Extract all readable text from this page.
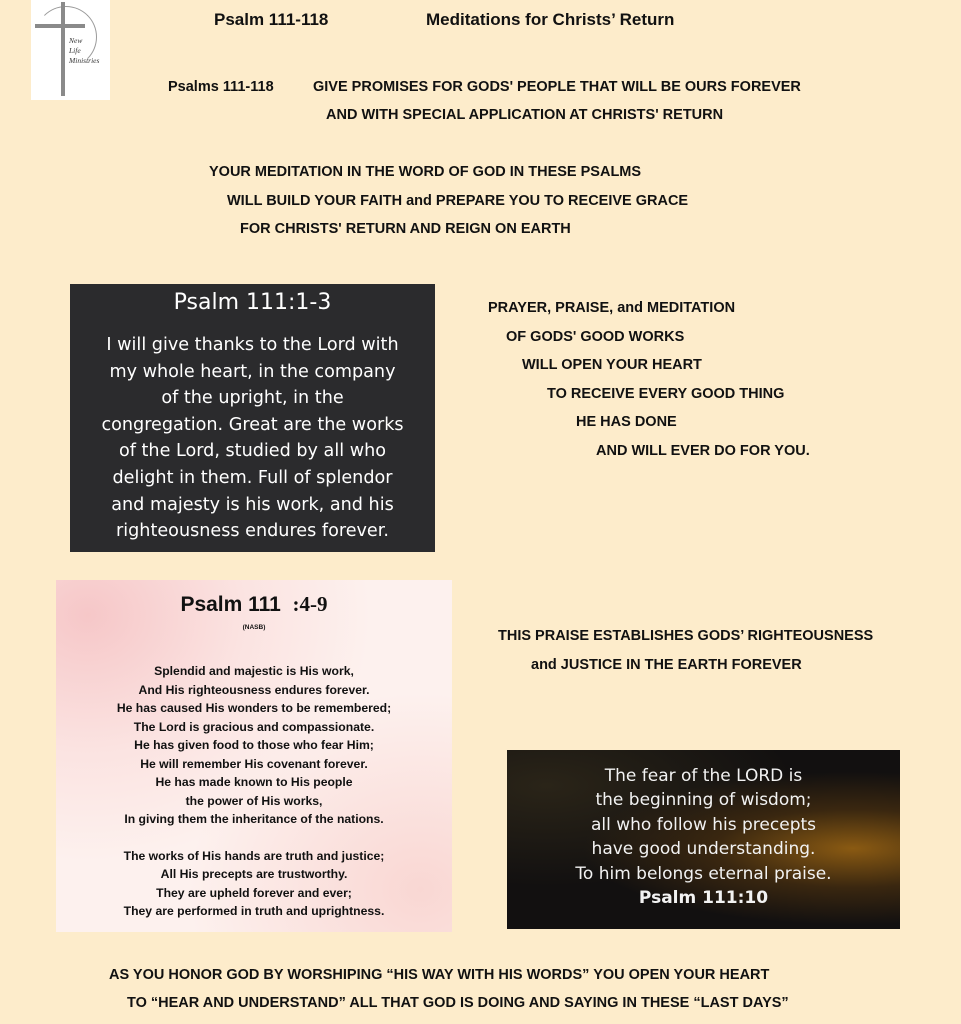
New
Life
Ministries
Psalm 111-118	Meditations for Christs’ Return
Psalms 111-118	GIVE PROMISES FOR GODS' PEOPLE THAT WILL BE OURS FOREVER
AND WITH SPECIAL APPLICATION AT CHRISTS' RETURN
YOUR MEDITATION IN THE WORD OF GOD IN THESE PSALMS
WILL BUILD YOUR FAITH and PREPARE YOU TO RECEIVE GRACE
FOR CHRISTS' RETURN AND REIGN ON EARTH
Psalm 111:1-3
I will give thanks to the Lord with
my whole heart, in the company
of the upright, in the
congregation. Great are the works
of the Lord, studied by all who
delight in them. Full of splendor
and majesty is his work, and his
righteousness endures forever.
PRAYER, PRAISE, and MEDITATION
OF GODS' GOOD WORKS
WILL OPEN YOUR HEART
TO RECEIVE EVERY GOOD THING
HE HAS DONE
AND WILL EVER DO FOR YOU.
Psalm 111 :4-9
(NASB)
Splendid and majestic is His work,
And His righteousness endures forever.
He has caused His wonders to be remembered;
The Lord is gracious and compassionate.
He has given food to those who fear Him;
He will remember His covenant forever.
He has made known to His people
the power of His works,
In giving them the inheritance of the nations.
The works of His hands are truth and justice;
All His precepts are trustworthy.
They are upheld forever and ever;
They are performed in truth and uprightness.
THIS PRAISE ESTABLISHES GODS’ RIGHTEOUSNESS
and JUSTICE IN THE EARTH FOREVER
The fear of the LORD is
the beginning of wisdom;
all who follow his precepts
have good understanding.
To him belongs eternal praise.
Psalm 111:10
AS YOU HONOR GOD BY WORSHIPING “HIS WAY WITH HIS WORDS” YOU OPEN YOUR HEART
TO “HEAR AND UNDERSTAND” ALL THAT GOD IS DOING AND SAYING IN THESE “LAST DAYS”
